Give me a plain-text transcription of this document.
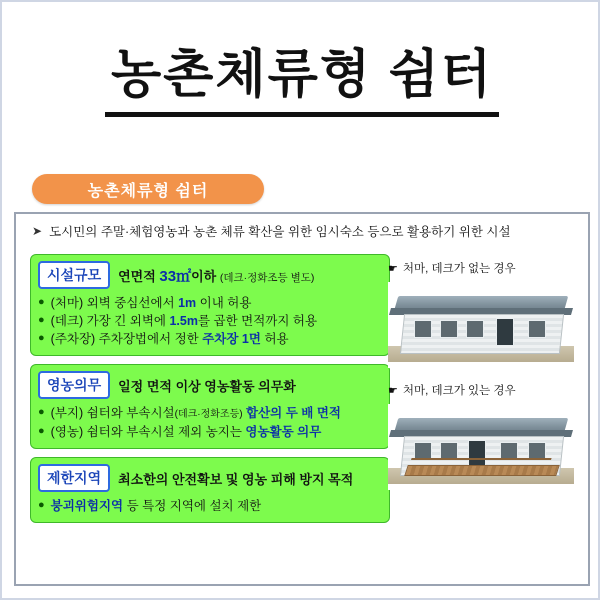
농촌체류형 쉼터
농촌체류형 쉼터
➤ 도시민의 주말·체험영농과 농촌 체류 확산을 위한 임시숙소 등으로 활용하기 위한 시설
시설규모	연면적 33㎡이하 (데크·정화조등 별도)
● (처마) 외벽 중심선에서 1m 이내 허용
● (데크) 가장 긴 외벽에 1.5m를 곱한 면적까지 허용
● (주차장) 주차장법에서 정한 주차장 1면 허용
영농의무	일정 면적 이상 영농활동 의무화
● (부지) 쉼터와 부속시설(데크·정화조등) 합산의 두 배 면적
● (영농) 쉼터와 부속시설 제외 농지는 영농활동 의무
제한지역	최소한의 안전확보 및 영농 피해 방지 목적
● 붕괴위험지역 등 특정 지역에 설치 제한
☛ 처마, 데크가 없는 경우
☛ 처마, 데크가 있는 경우
